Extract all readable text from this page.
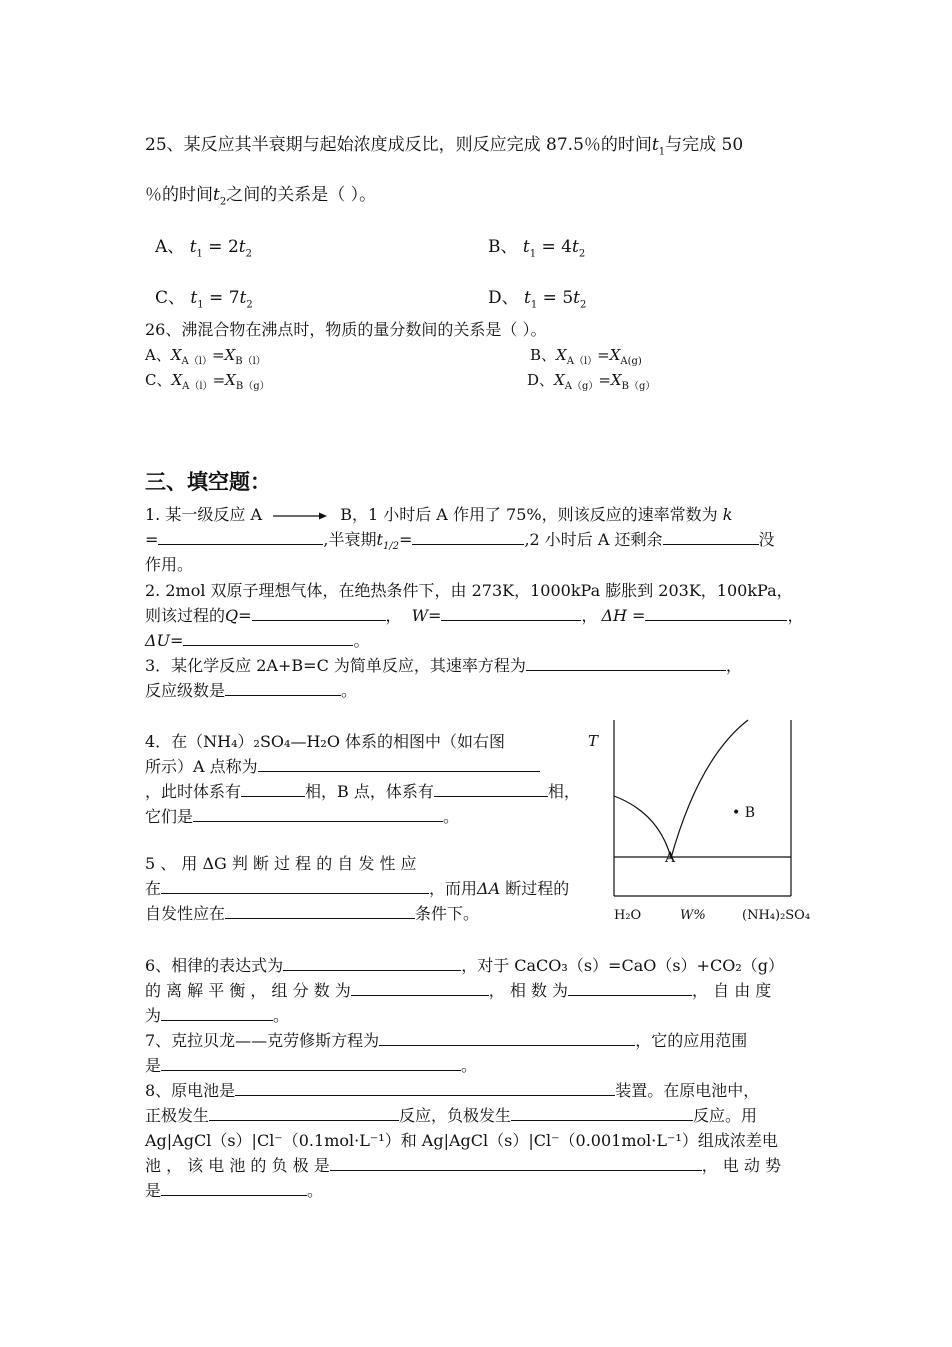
25、某反应其半衰期与起始浓度成反比，则反应完成 87.5％的时间$t_1$与完成 50
％的时间$t_2$之间的关系是（ ）。
A、 $t_1 = 2t_2$	B、 $t_1 = 4t_2$
C、 $t_1 = 7t_2$	D、 $t_1 = 5t_2$
26、沸混合物在沸点时，物质的量分数间的关系是（ ）。
A、$X_{A(l)}=X_{B(l)}$	B、$X_{A(l)}=X_{A(g)}$
C、$X_{A(l)}=X_{B(g)}$	D、$X_{A(g)}=X_{B(g)}$
三、填空题：
1. 某一级反应 A	B，1 小时后 A 作用了 75%，则该反应的速率常数为 k
=	,半衰期$t_{1/2}=$	,2 小时后 A 还剩余	没
作用。
2. 2mol 双原子理想气体，在绝热条件下，由 273K，1000kPa 膨胀到 203K，100kPa，
则该过程的Q=	， W=	， ΔH =	，
ΔU=	。
3．某化学反应 2A+B=C 为简单反应，其速率方程为	，
反应级数是	。
4．在（NH₄）₂SO₄—H₂O 体系的相图中（如右图
所示）A 点称为
，此时体系有	相，B 点，体系有	相，
它们是	。
5 、 用 ΔG 判 断 过 程 的 自 发 性 应
在	，而用ΔA 断过程的
自发性应在	条件下。
T
A
• B
H₂O	W%	(NH₄)₂SO₄
6、相律的表达式为	，对于 CaCO₃（s）=CaO（s）+CO₂（g）
的 离 解 平 衡 ， 组 分 数 为	， 相 数 为	， 自 由 度
为	。
7、克拉贝龙——克劳修斯方程为	，它的应用范围
是	。
8、原电池是	装置。在原电池中，
正极发生	反应，负极发生	反应。用
Ag|AgCl（s）|Cl⁻（0.1mol·L⁻¹）和 Ag|AgCl（s）|Cl⁻（0.001mol·L⁻¹）组成浓差电
池 ， 该 电 池 的 负 极 是	， 电 动 势
是	。
